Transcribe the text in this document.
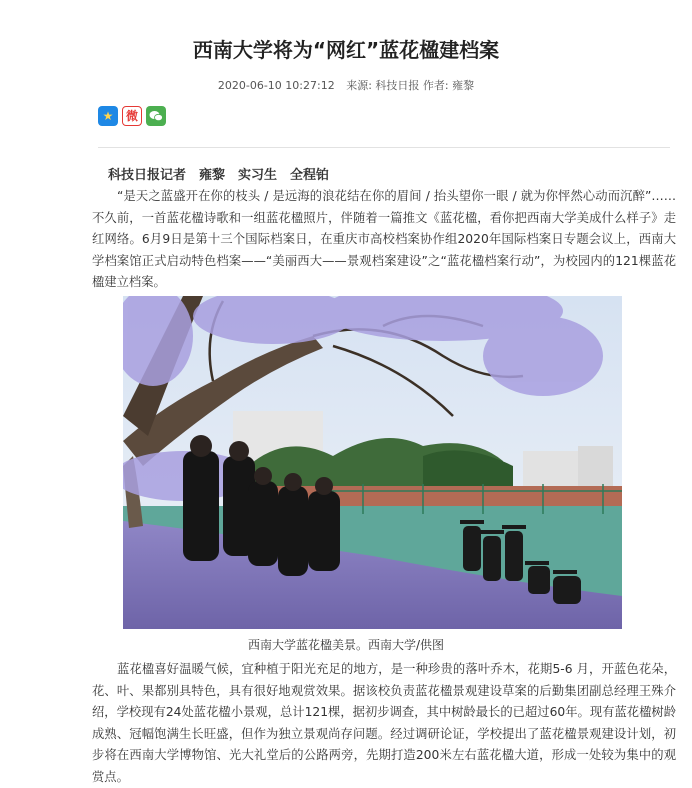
西南大学将为“网红”蓝花楹建档案
2020-06-10 10:27:12 来源: 科技日报 作者: 雍黎
★	微
科技日报记者　雍黎　实习生　全程铂

“是天之蓝盛开在你的枝头 / 是远海的浪花结在你的眉间 / 抬头望你一眼 / 就为你怦然心动而沉醉”……不久前，一首蓝花楹诗歌和一组蓝花楹照片，伴随着一篇推文《蓝花楹，看你把西南大学美成什么样子》走红网络。6月9日是第十三个国际档案日，在重庆市高校档案协作组2020年国际档案日专题会议上，西南大学档案馆正式启动特色档案——“美丽西大——景观档案建设”之“蓝花楹档案行动”，为校园内的121棵蓝花楹建立档案。

西南大学蓝花楹美景。西南大学/供图

蓝花楹喜好温暖气候，宜种植于阳光充足的地方，是一种珍贵的落叶乔木，花期5-6 月，开蓝色花朵，花、叶、果都别具特色，具有很好地观赏效果。据该校负责蓝花楹景观建设草案的后勤集团副总经理王殊介绍，学校现有24处蓝花楹小景观，总计121棵，据初步调查，其中树龄最长的已超过60年。现有蓝花楹树龄成熟、冠幅饱满生长旺盛，但作为独立景观尚存问题。经过调研论证，学校提出了蓝花楹景观建设计划，初步将在西南大学博物馆、光大礼堂后的公路两旁，先期打造200米左右蓝花楹大道，形成一处较为集中的观赏点。
